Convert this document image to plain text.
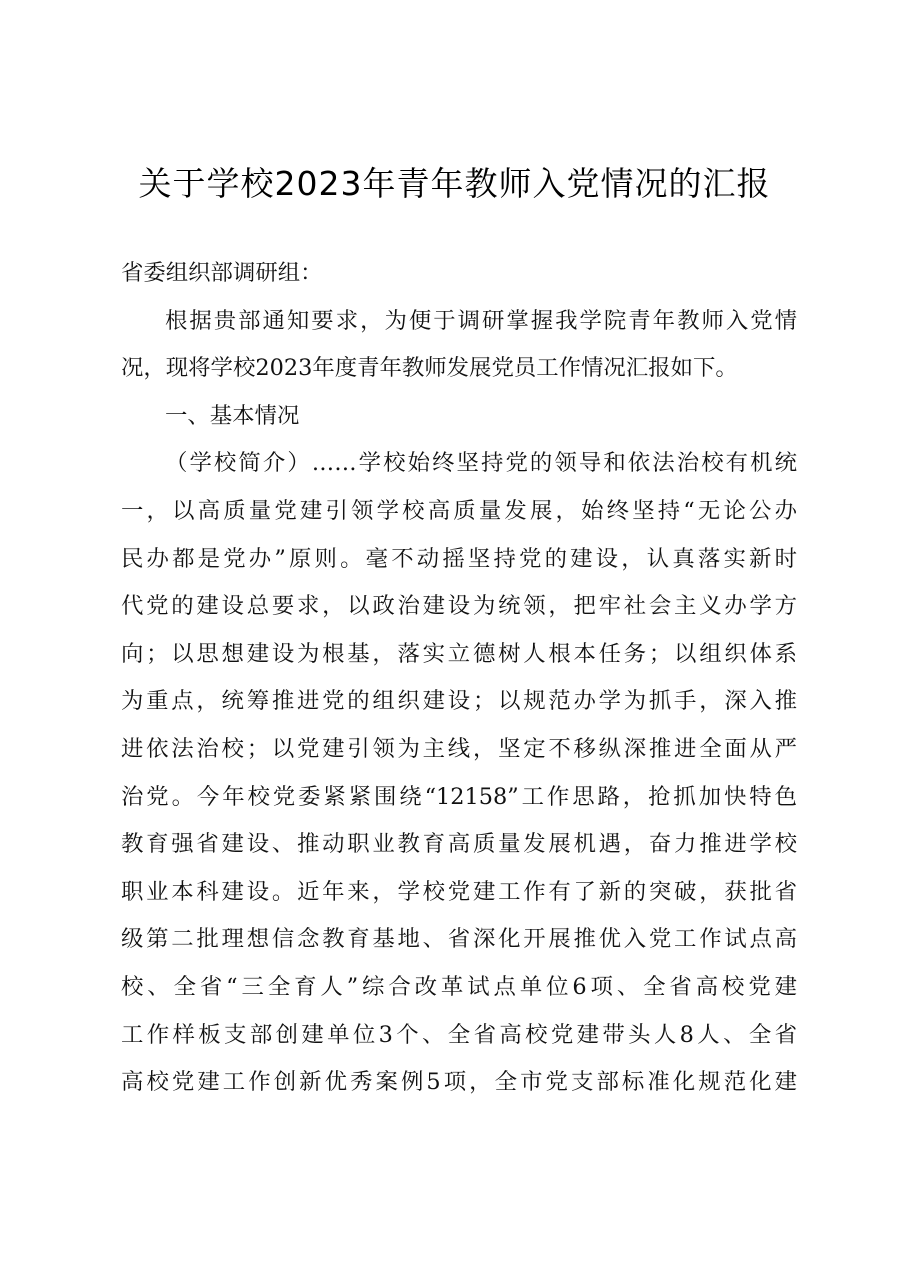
关于学校2023年青年教师入党情况的汇报
省委组织部调研组：
根据贵部通知要求，为便于调研掌握我学院青年教师入党情
况，现将学校2023年度青年教师发展党员工作情况汇报如下。
一、基本情况
（学校简介）……学校始终坚持党的领导和依法治校有机统
一，以高质量党建引领学校高质量发展，始终坚持“无论公办
民办都是党办”原则。毫不动摇坚持党的建设，认真落实新时
代党的建设总要求，以政治建设为统领，把牢社会主义办学方
向；以思想建设为根基，落实立德树人根本任务；以组织体系
为重点，统筹推进党的组织建设；以规范办学为抓手，深入推
进依法治校；以党建引领为主线，坚定不移纵深推进全面从严
治党。今年校党委紧紧围绕“12158”工作思路，抢抓加快特色
教育强省建设、推动职业教育高质量发展机遇，奋力推进学校
职业本科建设。近年来，学校党建工作有了新的突破，获批省
级第二批理想信念教育基地、省深化开展推优入党工作试点高
校、全省“三全育人”综合改革试点单位6项、全省高校党建
工作样板支部创建单位3个、全省高校党建带头人8人、全省
高校党建工作创新优秀案例5项，全市党支部标准化规范化建
